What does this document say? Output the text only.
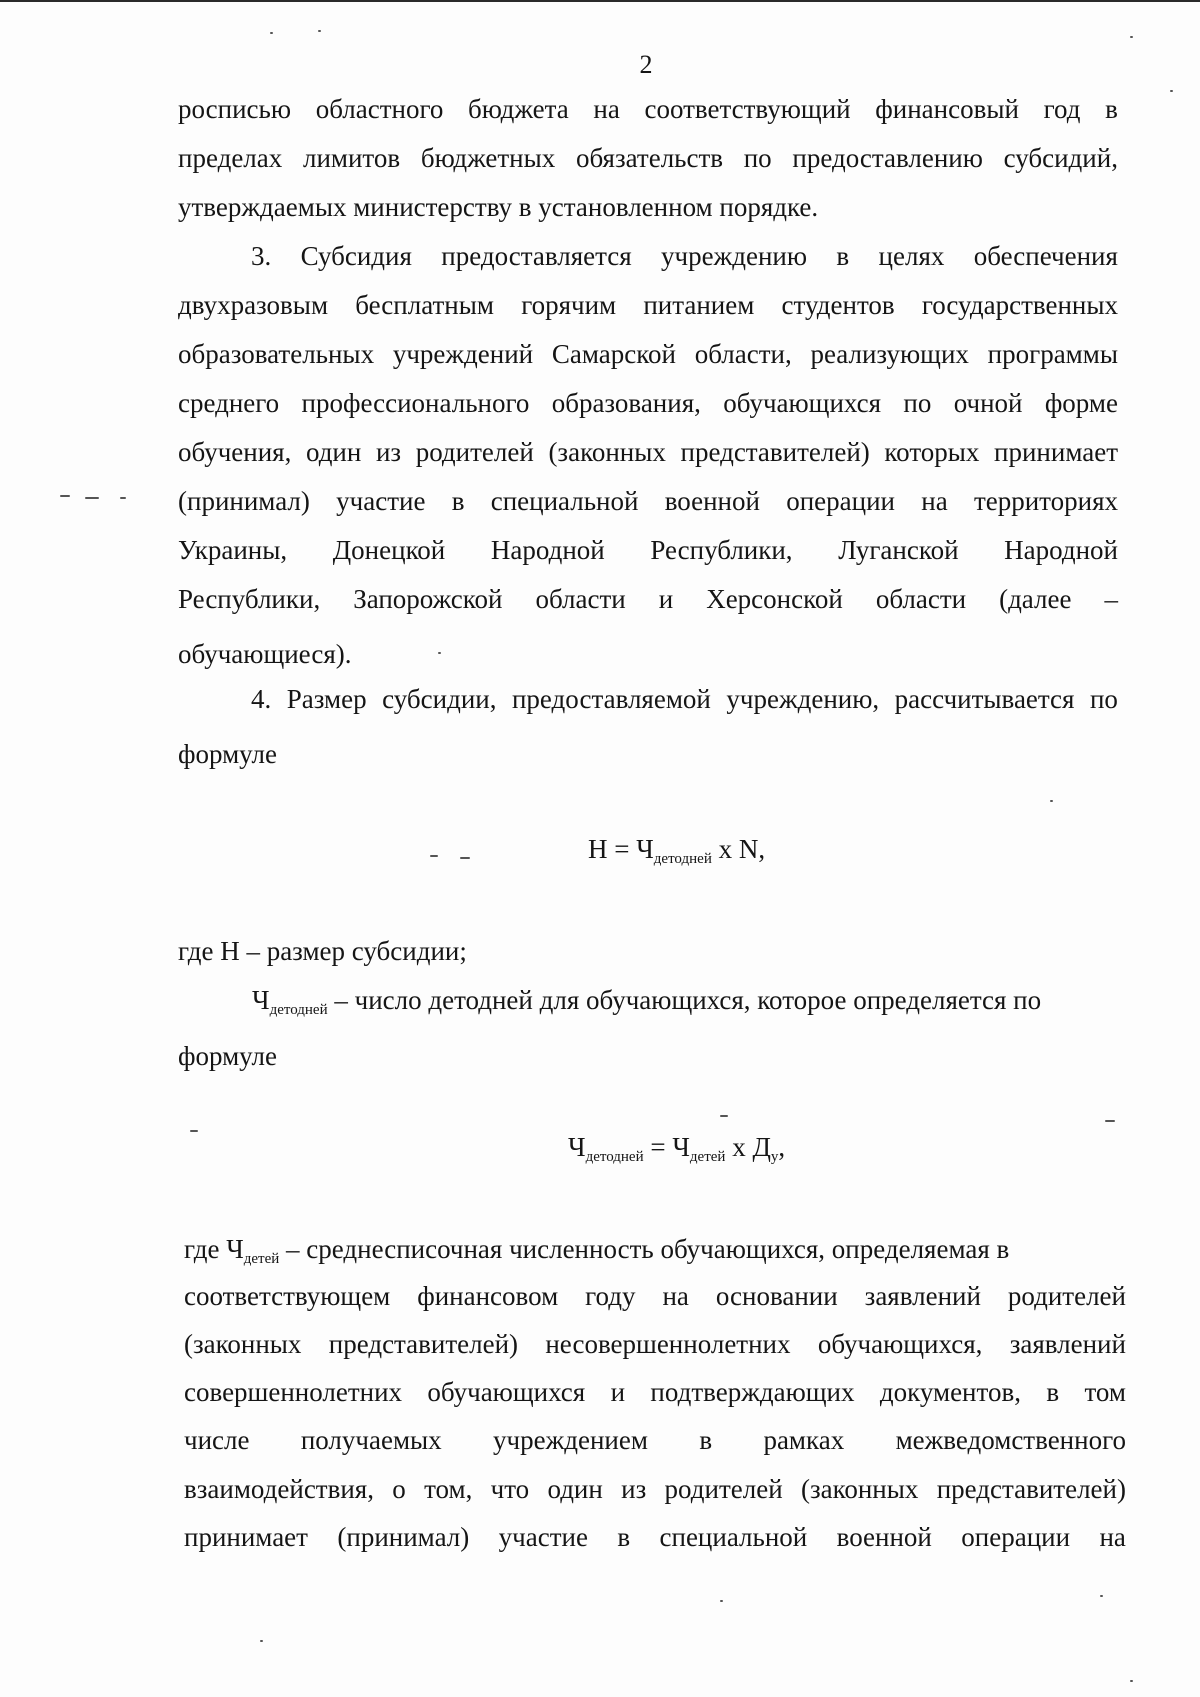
2
росписью областного бюджета на соответствующий финансовый год в
пределах лимитов бюджетных обязательств по предоставлению субсидий,
утверждаемых министерству в установленном порядке.
3. Субсидия предоставляется учреждению в целях обеспечения
двухразовым бесплатным горячим питанием студентов государственных
образовательных учреждений Самарской области, реализующих программы
среднего профессионального образования, обучающихся по очной форме
обучения, один из родителей (законных представителей) которых принимает
(принимал) участие в специальной военной операции на территориях
Украины, Донецкой Народной Республики, Луганской Народной
Республики, Запорожской области и Херсонской области (далее –
обучающиеся).
4. Размер субсидии, предоставляемой учреждению, рассчитывается по
формуле
где Н – размер субсидии;
формуле
соответствующем финансовом году на основании заявлений родителей
(законных представителей) несовершеннолетних обучающихся, заявлений
совершеннолетних обучающихся и подтверждающих документов, в том
числе получаемых учреждением в рамках межведомственного
взаимодействия, о том, что один из родителей (законных представителей)
принимает (принимал) участие в специальной военной операции на
$Н = Ч_{детодней}$ x N,
$Ч_{детодней}$ – число детодней для обучающихся, которое определяется по
$Ч_{детодней} = Ч_{детей}$ x $Д_у$,
где $Ч_{детей}$ – среднесписочная численность обучающихся, определяемая в
